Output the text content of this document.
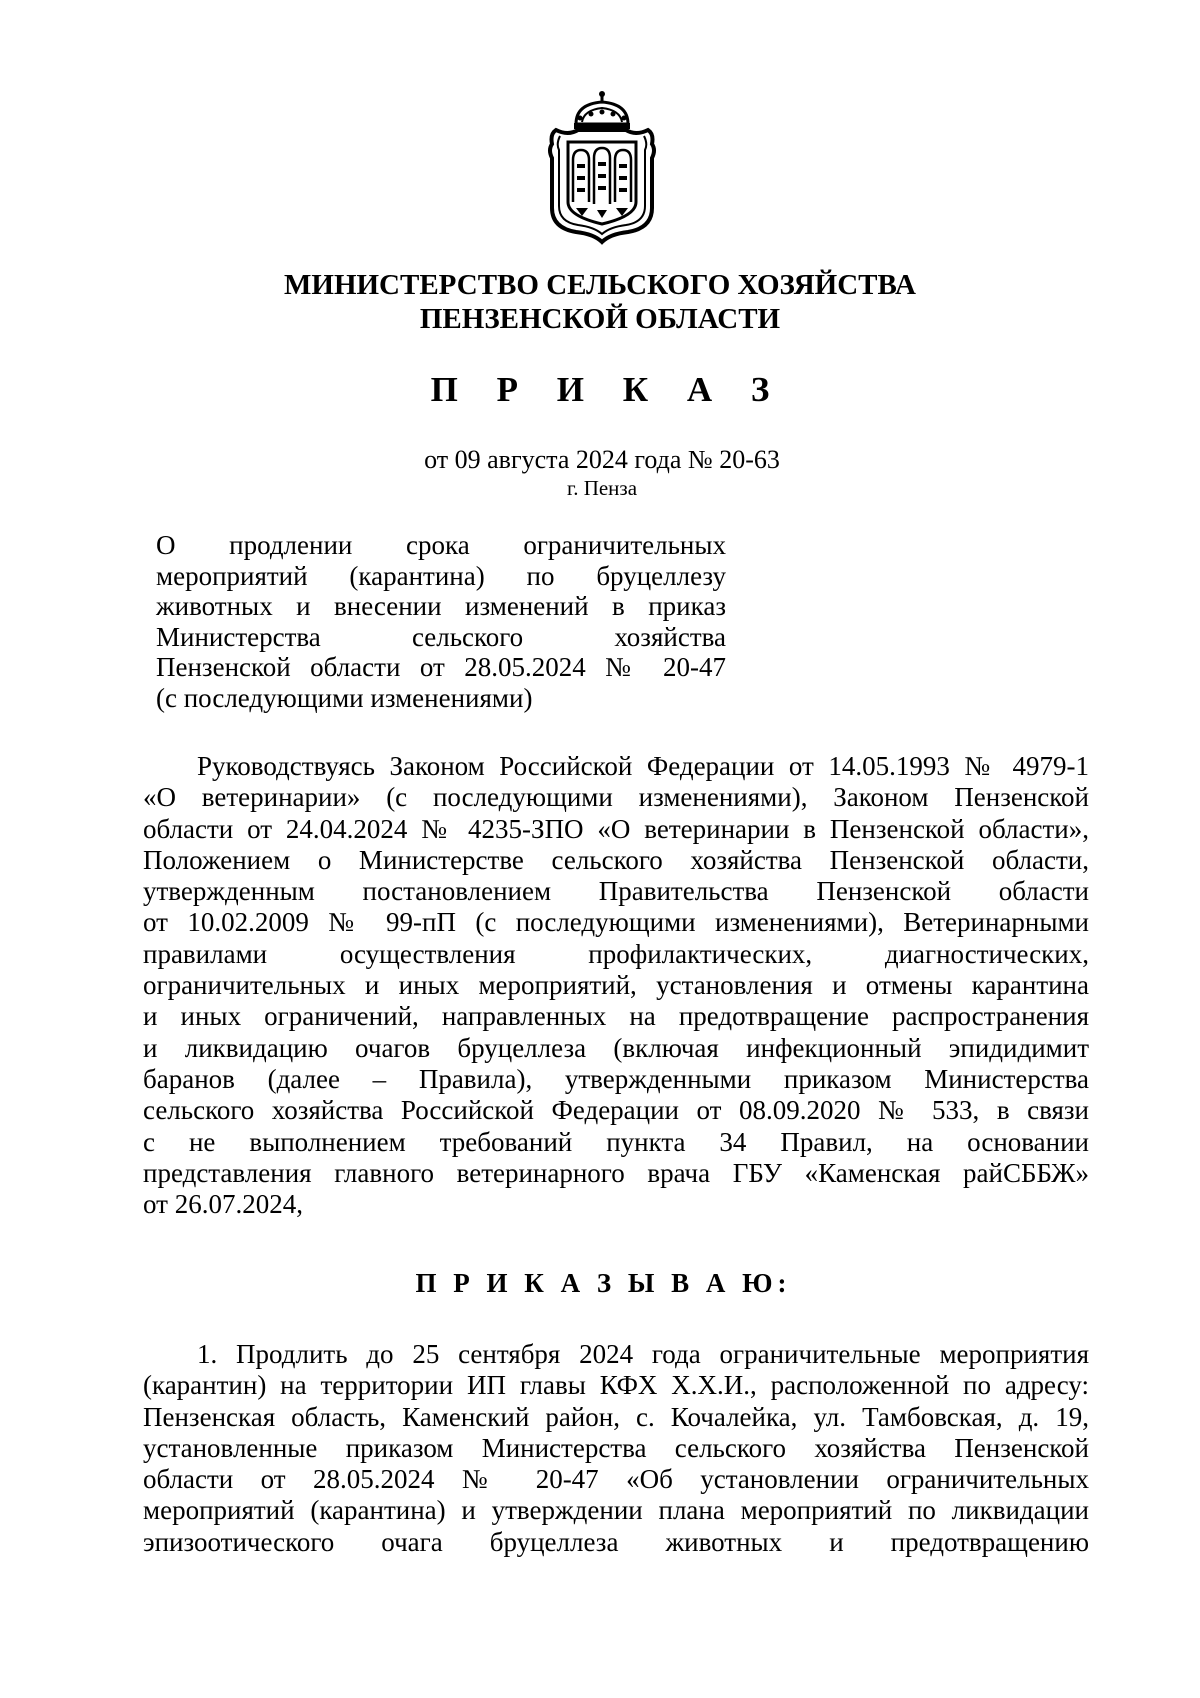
МИНИСТЕРСТВО СЕЛЬСКОГО ХОЗЯЙСТВА
ПЕНЗЕНСКОЙ ОБЛАСТИ
П Р И К А З
от 09 августа 2024 года № 20-63
г. Пенза
О продлении срока ограничительных
мероприятий (карантина) по бруцеллезу
животных и внесении изменений в приказ
Министерства сельского хозяйства
Пензенской области от 28.05.2024 № 20-47
(с последующими изменениями)
Руководствуясь Законом Российской Федерации от 14.05.1993 № 4979-1
«О ветеринарии» (с последующими изменениями), Законом Пензенской
области от 24.04.2024 № 4235-ЗПО «О ветеринарии в Пензенской области»,
Положением о Министерстве сельского хозяйства Пензенской области,
утвержденным постановлением Правительства Пензенской области
от 10.02.2009 № 99-пП (с последующими изменениями), Ветеринарными
правилами осуществления профилактических, диагностических,
ограничительных и иных мероприятий, установления и отмены карантина
и иных ограничений, направленных на предотвращение распространения
и ликвидацию очагов бруцеллеза (включая инфекционный эпидидимит
баранов (далее – Правила), утвержденными приказом Министерства
сельского хозяйства Российской Федерации от 08.09.2020 № 533, в связи
с не выполнением требований пункта 34 Правил, на основании
представления главного ветеринарного врача ГБУ «Каменская райСББЖ»
от 26.07.2024,
П Р И К А З Ы В А Ю:
1. Продлить до 25 сентября 2024 года ограничительные мероприятия
(карантин) на территории ИП главы КФХ Х.Х.И., расположенной по адресу:
Пензенская область, Каменский район, с. Кочалейка, ул. Тамбовская, д. 19,
установленные приказом Министерства сельского хозяйства Пензенской
области от 28.05.2024 № 20-47 «Об установлении ограничительных
мероприятий (карантина) и утверждении плана мероприятий по ликвидации
эпизоотического очага бруцеллеза животных и предотвращению
